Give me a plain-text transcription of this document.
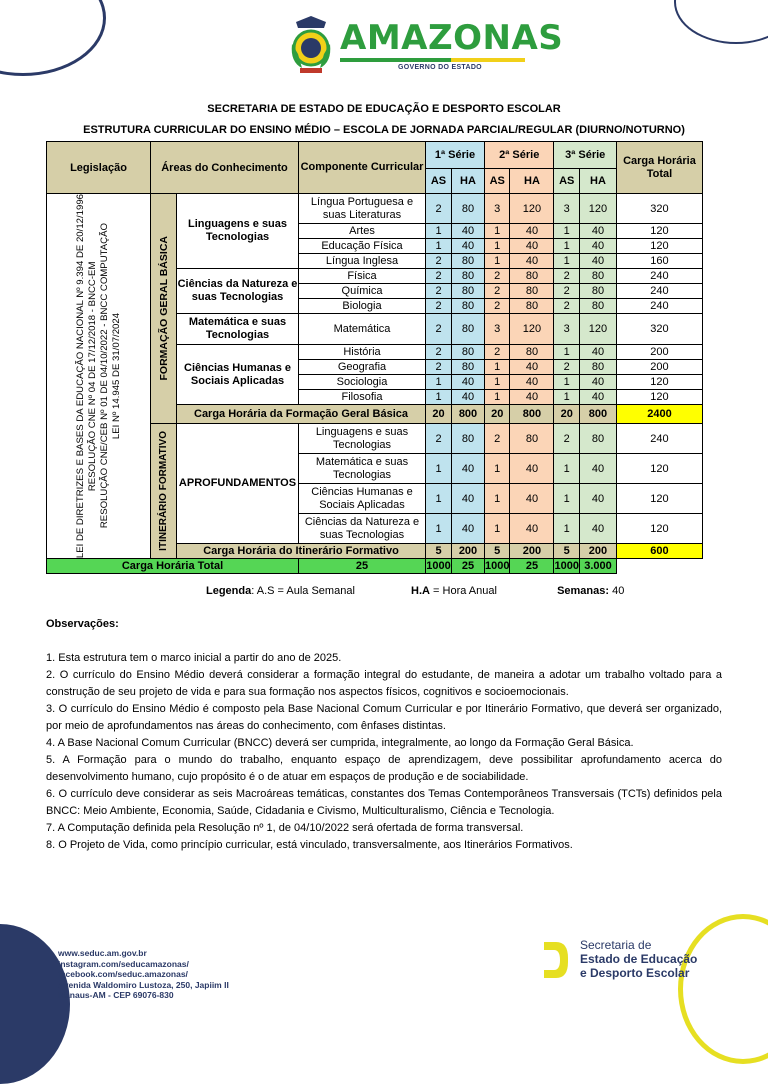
AMAZONAS
GOVERNO DO ESTADO
SECRETARIA DE ESTADO DE EDUCAÇÃO E DESPORTO ESCOLAR
ESTRUTURA CURRICULAR DO ENSINO MÉDIO – ESCOLA DE JORNADA PARCIAL/REGULAR (DIURNO/NOTURNO)
Legislação	Áreas do Conhecimento		Componente Curricular	1ª Série		2ª Série		3ª Série		Carga Horária Total
				AS	HA	AS	HA	AS	HA	

LEI DE DIRETRIZES E BASES DA EDUCAÇÃO NACIONAL Nº 9.394 DE 20/12/1996 RESOLUÇÃO CNE Nº 04 DE 17/12/2018 - BNCC-EM RESOLUÇÃO CNE/CEB Nº 01 DE 04/10/2022 - BNCC COMPUTAÇÃO LEI Nº 14.945 DE 31/07/2024	FORMAÇÃO GERAL BÁSICA	Linguagens e suas Tecnologias	Língua Portuguesa e suas Literaturas	2	80	3	120	3	120	320
			Artes	1	40	1	40	1	40	120
			Educação Física	1	40	1	40	1	40	120
			Língua Inglesa	2	80	1	40	1	40	160
		Ciências da Natureza e suas Tecnologias	Física	2	80	2	80	2	80	240
			Química	2	80	2	80	2	80	240
			Biologia	2	80	2	80	2	80	240
		Matemática e suas Tecnologias	Matemática	2	80	3	120	3	120	320
		Ciências Humanas e Sociais Aplicadas	História	2	80	2	80	1	40	200
			Geografia	2	80	1	40	2	80	200
			Sociologia	1	40	1	40	1	40	120
			Filosofia	1	40	1	40	1	40	120
		Carga Horária da Formação Geral Básica		20	800	20	800	20	800	2400

	ITINERÁRIO FORMATIVO	APROFUNDAMENTOS	Linguagens e suas Tecnologias	2	80	2	80	2	80	240
			Matemática e suas Tecnologias	1	40	1	40	1	40	120
			Ciências Humanas e Sociais Aplicadas	1	40	1	40	1	40	120
			Ciências da Natureza e suas Tecnologias	1	40	1	40	1	40	120
		Carga Horária do Itinerário Formativo		5	200	5	200	5	200	600
Carga Horária Total			25	1000	25	1000	25	1000	3.000	
Legenda: A.S = Aula Semanal	H.A = Hora Anual	Semanas: 40
Observações:

1. Esta estrutura tem o marco inicial a partir do ano de 2025.

2. O currículo do Ensino Médio deverá considerar a formação integral do estudante, de maneira a adotar um trabalho voltado para a construção de seu projeto de vida e para sua formação nos aspectos físicos, cognitivos e socioemocionais.

3. O currículo do Ensino Médio é composto pela Base Nacional Comum Curricular e por Itinerário Formativo, que deverá ser organizado, por meio de aprofundamentos nas áreas do conhecimento, com ênfases distintas.

4. A Base Nacional Comum Curricular (BNCC) deverá ser cumprida, integralmente, ao longo da Formação Geral Básica.

5. A Formação para o mundo do trabalho, enquanto espaço de aprendizagem, deve possibilitar aprofundamento acerca do desenvolvimento humano, cujo propósito é o de atuar em espaços de produção e de sociabilidade.

6. O currículo deve considerar as seis Macroáreas temáticas, constantes dos Temas Contemporâneos Transversais (TCTs) definidos pela BNCC: Meio Ambiente, Economia, Saúde, Cidadania e Civismo, Multiculturalismo, Ciência e Tecnologia.

7. A Computação definida pela Resolução nº 1, de 04/10/2022 será ofertada de forma transversal.

8. O Projeto de Vida, como princípio curricular, está vinculado, transversalmente, aos Itinerários Formativos.

www.seduc.am.gov.br
instagram.com/seducamazonas/
facebook.com/seduc.amazonas/
Avenida Waldomiro Lustoza, 250, Japiim II
Manaus-AM - CEP 69076-830
Secretaria de
Estado de Educação
e Desporto Escolar
